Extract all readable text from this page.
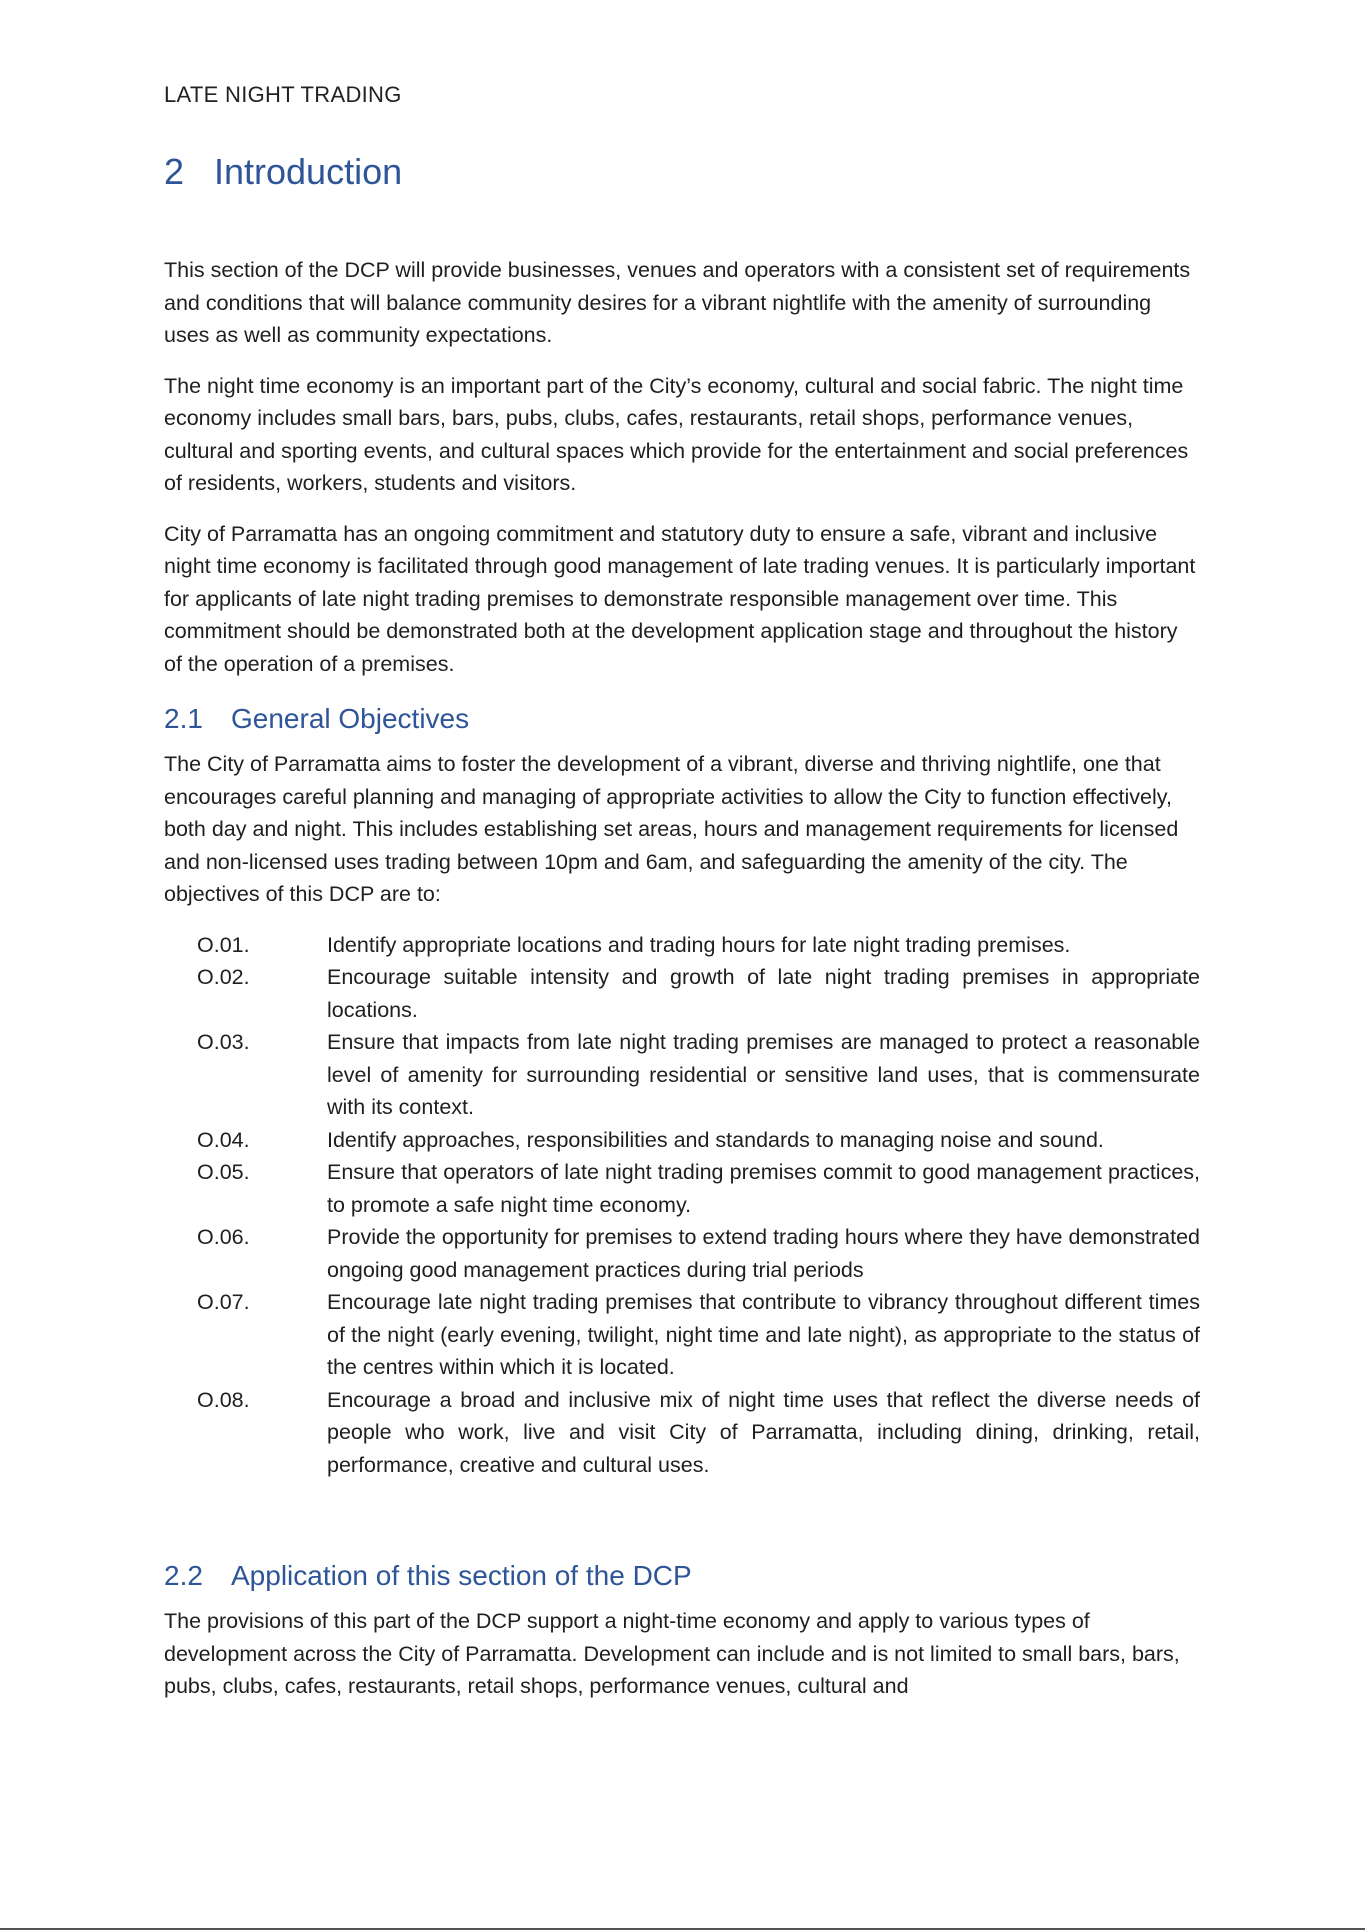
LATE NIGHT TRADING

2 Introduction

This section of the DCP will provide businesses, venues and operators with a consistent set of requirements and conditions that will balance community desires for a vibrant nightlife with the amenity of surrounding uses as well as community expectations.

The night time economy is an important part of the City’s economy, cultural and social fabric. The night time economy includes small bars, bars, pubs, clubs, cafes, restaurants, retail shops, performance venues, cultural and sporting events, and cultural spaces which provide for the entertainment and social preferences of residents, workers, students and visitors.

City of Parramatta has an ongoing commitment and statutory duty to ensure a safe, vibrant and inclusive night time economy is facilitated through good management of late trading venues. It is particularly important for applicants of late night trading premises to demonstrate responsible management over time. This commitment should be demonstrated both at the development application stage and throughout the history of the operation of a premises.

2.1 General Objectives

The City of Parramatta aims to foster the development of a vibrant, diverse and thriving nightlife, one that encourages careful planning and managing of appropriate activities to allow the City to function effectively, both day and night. This includes establishing set areas, hours and management requirements for licensed and non-licensed uses trading between 10pm and 6am, and safeguarding the amenity of the city. The objectives of this DCP are to:

O.01.	Identify appropriate locations and trading hours for late night trading premises.
O.02.	Encourage suitable intensity and growth of late night trading premises in appropriate locations.
O.03.	Ensure that impacts from late night trading premises are managed to protect a reasonable level of amenity for surrounding residential or sensitive land uses, that is commensurate with its context.
O.04.	Identify approaches, responsibilities and standards to managing noise and sound.
O.05.	Ensure that operators of late night trading premises commit to good management practices, to promote a safe night time economy.
O.06.	Provide the opportunity for premises to extend trading hours where they have demonstrated ongoing good management practices during trial periods
O.07.	Encourage late night trading premises that contribute to vibrancy throughout different times of the night (early evening, twilight, night time and late night), as appropriate to the status of the centres within which it is located.
O.08.	Encourage a broad and inclusive mix of night time uses that reflect the diverse needs of people who work, live and visit City of Parramatta, including dining, drinking, retail, performance, creative and cultural uses.
2.2 Application of this section of the DCP

The provisions of this part of the DCP support a night-time economy and apply to various types of development across the City of Parramatta. Development can include and is not limited to small bars, bars, pubs, clubs, cafes, restaurants, retail shops, performance venues, cultural and
